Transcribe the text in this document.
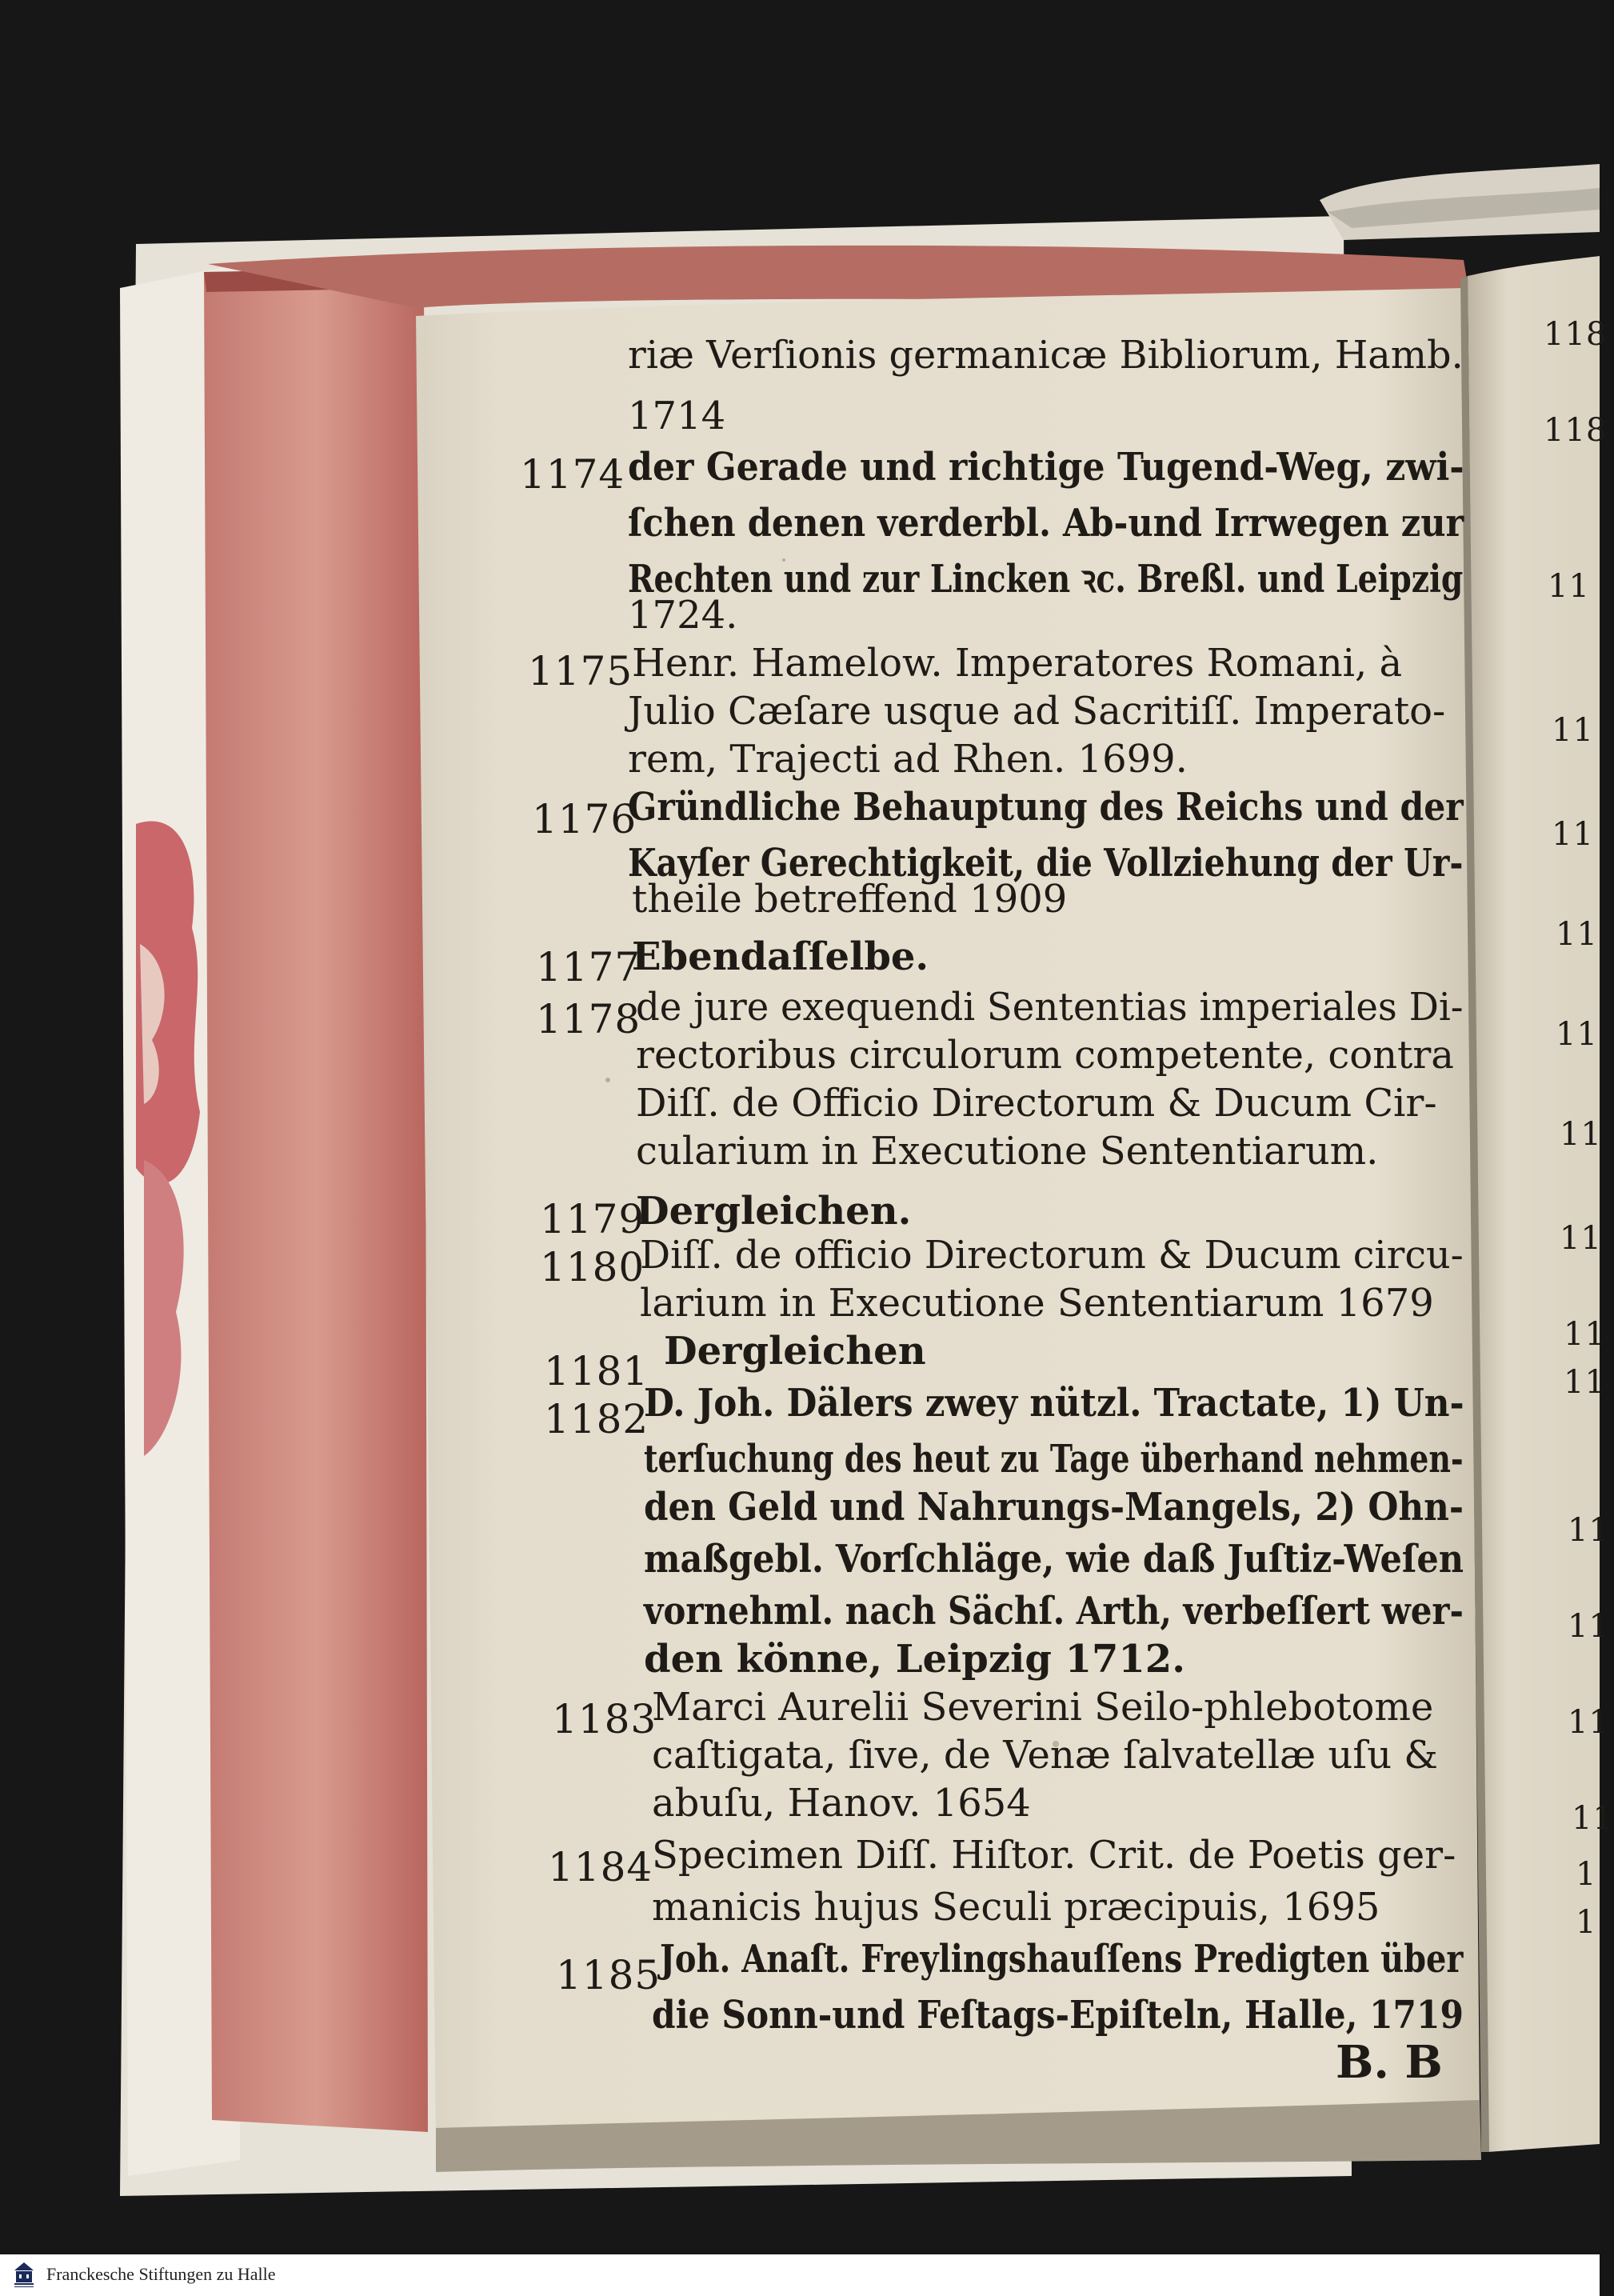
riæ Verſionis germanicæ Bibliorum, Hamb.
1714
1174 der Gerade und richtige Tugend-Weg, zwi-
ſchen denen verderbl. Ab-und Irrwegen zur
Rechten und zur Lincken ꝛc. Breßl. und Leipzig
1724.
1175
Henr. Hamelow. Imperatores Romani, à
Julio Cæſare usque ad Sacritiſſ. Imperato-
rem, Trajecti ad Rhen. 1699.
1176
Gründliche Behauptung des Reichs und der
Kayſer Gerechtigkeit, die Vollziehung der Ur-
theile betreffend 1909
1177
Ebendaſſelbe.
1178
de jure exequendi Sententias imperiales Di-
rectoribus circulorum competente, contra
Diſſ. de Officio Directorum & Ducum Cir-
cularium in Executione Sententiarum.
1179
Dergleichen.
1180
Diſſ. de officio Directorum & Ducum circu-
larium in Executione Sententiarum 1679
1181 Dergleichen
1182
D. Joh. Dälers zwey nützl. Tractate, 1) Un-
terſuchung des heut zu Tage überhand nehmen-
den Geld und Nahrungs-Mangels, 2) Ohn-
maßgebl. Vorſchläge, wie daß Juſtiz-Weſen
vornehml. nach Sächſ. Arth, verbeſſert wer-
den könne, Leipzig 1712.
1183
Marci Aurelii Severini Seilo-phlebotome
caſtigata, ſive, de Venæ ſalvatellæ uſu &
abuſu, Hanov. 1654
1184
Specimen Diſſ. Hiſtor. Crit. de Poetis ger-
manicis hujus Seculi præcipuis, 1695
1185
Joh. Anaſt. Freylingshauſſens Predigten über
die Sonn-und Feſtags-Epiſteln, Halle, 1719
B. B
118
118
11
11
11
11
11
11
11
11
11
11
11
11
11
1
1
Franckesche Stiftungen zu Halle
